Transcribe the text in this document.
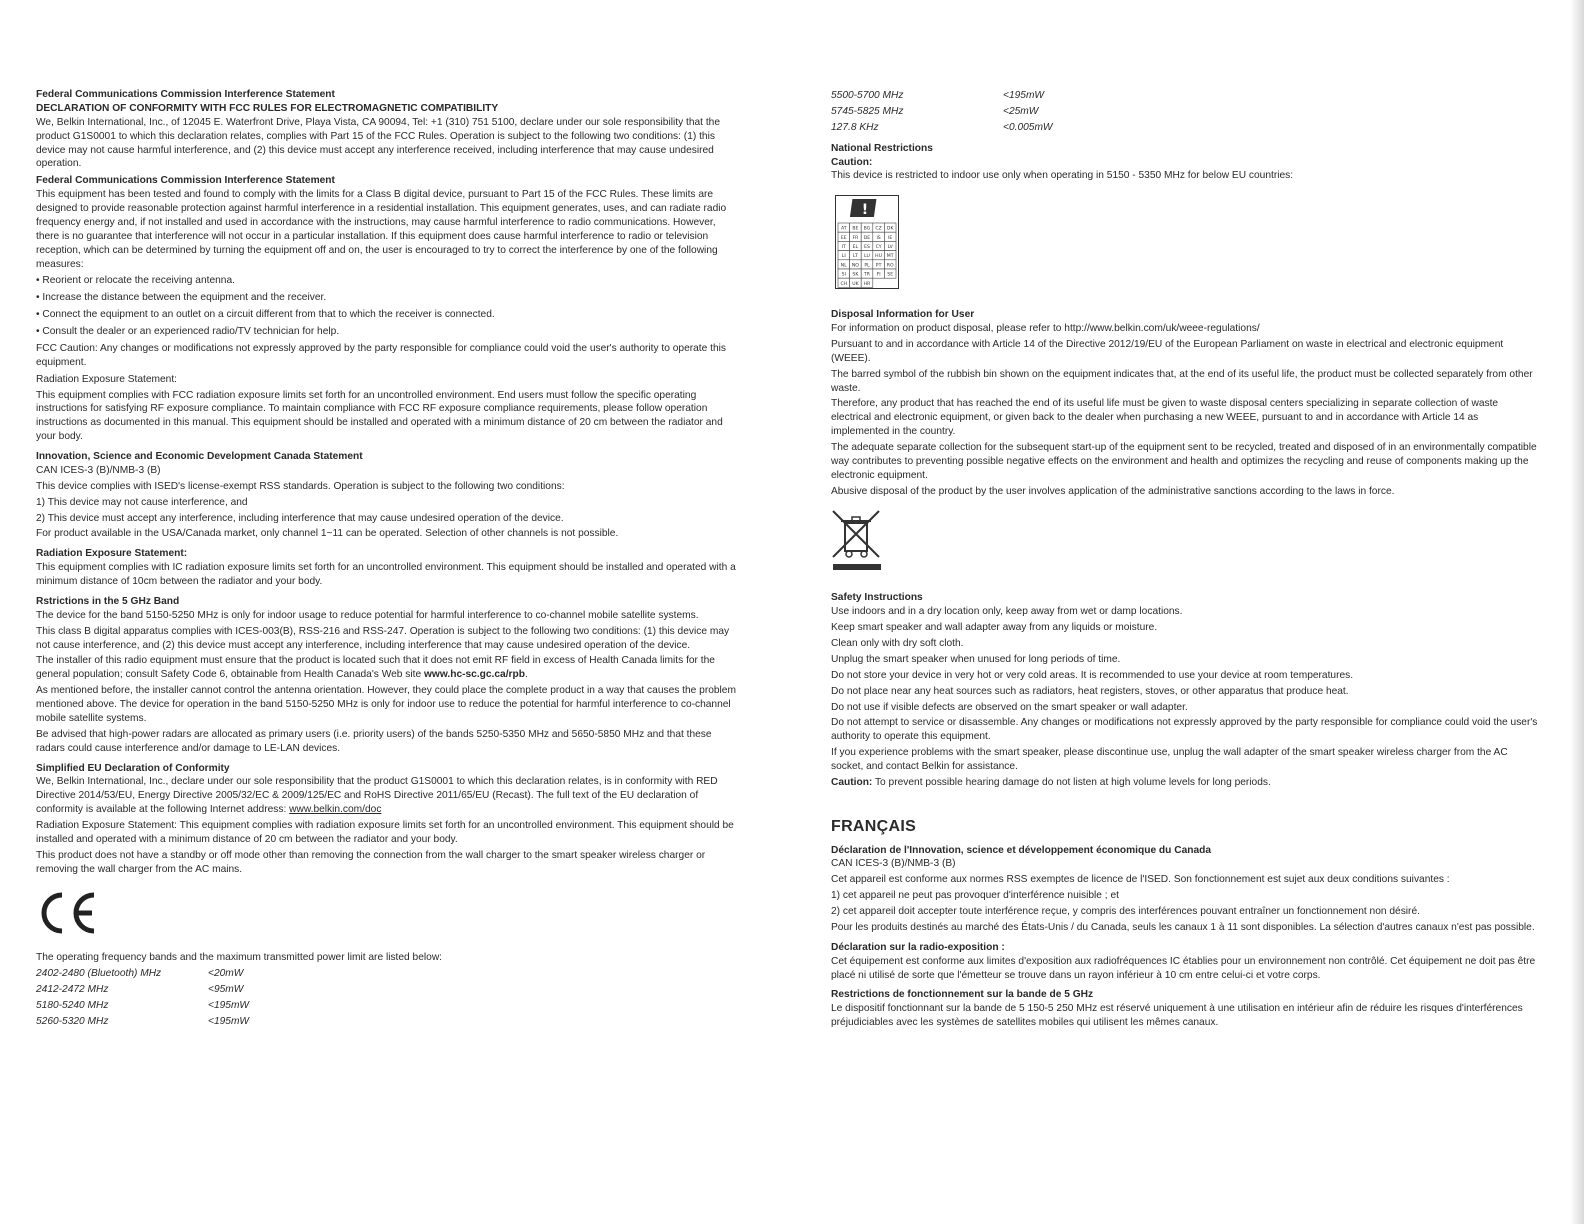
Federal Communications Commission Interference Statement

DECLARATION OF CONFORMITY WITH FCC RULES FOR ELECTROMAGNETIC COMPATIBILITY

We, Belkin International, Inc., of 12045 E. Waterfront Drive, Playa Vista, CA 90094, Tel: +1 (310) 751 5100, declare under our sole responsibility that the product G1S0001 to which this declaration relates, complies with Part 15 of the FCC Rules. Operation is subject to the following two conditions: (1) this device may not cause harmful interference, and (2) this device must accept any interference received, including interference that may cause undesired operation.

Federal Communications Commission Interference Statement

This equipment has been tested and found to comply with the limits for a Class B digital device, pursuant to Part 15 of the FCC Rules. These limits are designed to provide reasonable protection against harmful interference in a residential installation. This equipment generates, uses, and can radiate radio frequency energy and, if not installed and used in accordance with the instructions, may cause harmful interference to radio communications. However, there is no guarantee that interference will not occur in a particular installation. If this equipment does cause harmful interference to radio or television reception, which can be determined by turning the equipment off and on, the user is encouraged to try to correct the interference by one of the following measures:

• Reorient or relocate the receiving antenna.
• Increase the distance between the equipment and the receiver.
• Connect the equipment to an outlet on a circuit different from that to which the receiver is connected.
• Consult the dealer or an experienced radio/TV technician for help.

FCC Caution: Any changes or modifications not expressly approved by the party responsible for compliance could void the user's authority to operate this equipment.

Radiation Exposure Statement:

This equipment complies with FCC radiation exposure limits set forth for an uncontrolled environment. End users must follow the specific operating instructions for satisfying RF exposure compliance. To maintain compliance with FCC RF exposure compliance requirements, please follow operation instructions as documented in this manual. This equipment should be installed and operated with a minimum distance of 20 cm between the radiator and your body.

Innovation, Science and Economic Development Canada Statement

CAN ICES-3 (B)/NMB-3 (B)

This device complies with ISED's license-exempt RSS standards. Operation is subject to the following two conditions:

1) This device may not cause interference, and

2) This device must accept any interference, including interference that may cause undesired operation of the device.

For product available in the USA/Canada market, only channel 1~11 can be operated. Selection of other channels is not possible.

Radiation Exposure Statement:

This equipment complies with IC radiation exposure limits set forth for an uncontrolled environment. This equipment should be installed and operated with a minimum distance of 10cm between the radiator and your body.

Rstrictions in the 5 GHz Band

The device for the band 5150-5250 MHz is only for indoor usage to reduce potential for harmful interference to co-channel mobile satellite systems.

This class B digital apparatus complies with ICES-003(B), RSS-216 and RSS-247. Operation is subject to the following two conditions: (1) this device may not cause interference, and (2) this device must accept any interference, including interference that may cause undesired operation of the device.

The installer of this radio equipment must ensure that the product is located such that it does not emit RF field in excess of Health Canada limits for the general population; consult Safety Code 6, obtainable from Health Canada's Web site www.hc-sc.gc.ca/rpb.

As mentioned before, the installer cannot control the antenna orientation. However, they could place the complete product in a way that causes the problem mentioned above. The device for operation in the band 5150-5250 MHz is only for indoor use to reduce the potential for harmful interference to co-channel mobile satellite systems.

Be advised that high-power radars are allocated as primary users (i.e. priority users) of the bands 5250-5350 MHz and 5650-5850 MHz and that these radars could cause interference and/or damage to LE-LAN devices.

Simplified EU Declaration of Conformity

We, Belkin International, Inc., declare under our sole responsibility that the product G1S0001 to which this declaration relates, is in conformity with RED Directive 2014/53/EU, Energy Directive 2005/32/EC & 2009/125/EC and RoHS Directive 2011/65/EU (Recast). The full text of the EU declaration of conformity is available at the following Internet address: www.belkin.com/doc

Radiation Exposure Statement: This equipment complies with radiation exposure limits set forth for an uncontrolled environment. This equipment should be installed and operated with a minimum distance of 20 cm between the radiator and your body.

This product does not have a standby or off mode other than removing the connection from the wall charger to the smart speaker wireless charger or removing the wall charger from the AC mains.

The operating frequency bands and the maximum transmitted power limit are listed below:

2402-2480 (Bluetooth) MHz	<20mW
2412-2472 MHz	<95mW
5180-5240 MHz	<195mW
5260-5320 MHz	<195mW
5500-5700 MHz	<195mW
5745-5825 MHz	<25mW
127.8 KHz	<0.005mW

National Restrictions

Caution:

This device is restricted to indoor use only when operating in 5150 - 5350 MHz for below EU countries:

!
AT BE BG CZ DK
EE FR DE IS IE
IT EL ES CY LV
LI LT LU HU MT
NL NO PL PT RO
SI SK TR FI SE
CH UK HR

Disposal Information for User

For information on product disposal, please refer to http://www.belkin.com/uk/weee-regulations/

Pursuant to and in accordance with Article 14 of the Directive 2012/19/EU of the European Parliament on waste in electrical and electronic equipment (WEEE).

The barred symbol of the rubbish bin shown on the equipment indicates that, at the end of its useful life, the product must be collected separately from other waste.

Therefore, any product that has reached the end of its useful life must be given to waste disposal centers specializing in separate collection of waste electrical and electronic equipment, or given back to the dealer when purchasing a new WEEE, pursuant to and in accordance with Article 14 as implemented in the country.

The adequate separate collection for the subsequent start-up of the equipment sent to be recycled, treated and disposed of in an environmentally compatible way contributes to preventing possible negative effects on the environment and health and optimizes the recycling and reuse of components making up the electronic equipment.

Abusive disposal of the product by the user involves application of the administrative sanctions according to the laws in force.

Safety Instructions

Use indoors and in a dry location only, keep away from wet or damp locations.

Keep smart speaker and wall adapter away from any liquids or moisture.

Clean only with dry soft cloth.

Unplug the smart speaker when unused for long periods of time.

Do not store your device in very hot or very cold areas. It is recommended to use your device at room temperatures.

Do not place near any heat sources such as radiators, heat registers, stoves, or other apparatus that produce heat.

Do not use if visible defects are observed on the smart speaker or wall adapter.

Do not attempt to service or disassemble. Any changes or modifications not expressly approved by the party responsible for compliance could void the user's authority to operate this equipment.

If you experience problems with the smart speaker, please discontinue use, unplug the wall adapter of the smart speaker wireless charger from the AC socket, and contact Belkin for assistance.

Caution: To prevent possible hearing damage do not listen at high volume levels for long periods.

FRANÇAIS

Déclaration de l'Innovation, science et développement économique du Canada

CAN ICES-3 (B)/NMB-3 (B)

Cet appareil est conforme aux normes RSS exemptes de licence de l'ISED. Son fonctionnement est sujet aux deux conditions suivantes :

1) cet appareil ne peut pas provoquer d'interférence nuisible ; et

2) cet appareil doit accepter toute interférence reçue, y compris des interférences pouvant entraîner un fonctionnement non désiré.

Pour les produits destinés au marché des États-Unis / du Canada, seuls les canaux 1 à 11 sont disponibles. La sélection d'autres canaux n'est pas possible.

Déclaration sur la radio-exposition :

Cet équipement est conforme aux limites d'exposition aux radiofréquences IC établies pour un environnement non contrôlé. Cet équipement ne doit pas être placé ni utilisé de sorte que l'émetteur se trouve dans un rayon inférieur à 10 cm entre celui-ci et votre corps.

Restrictions de fonctionnement sur la bande de 5 GHz

Le dispositif fonctionnant sur la bande de 5 150-5 250 MHz est réservé uniquement à une utilisation en intérieur afin de réduire les risques d'interférences préjudiciables avec les systèmes de satellites mobiles qui utilisent les mêmes canaux.
